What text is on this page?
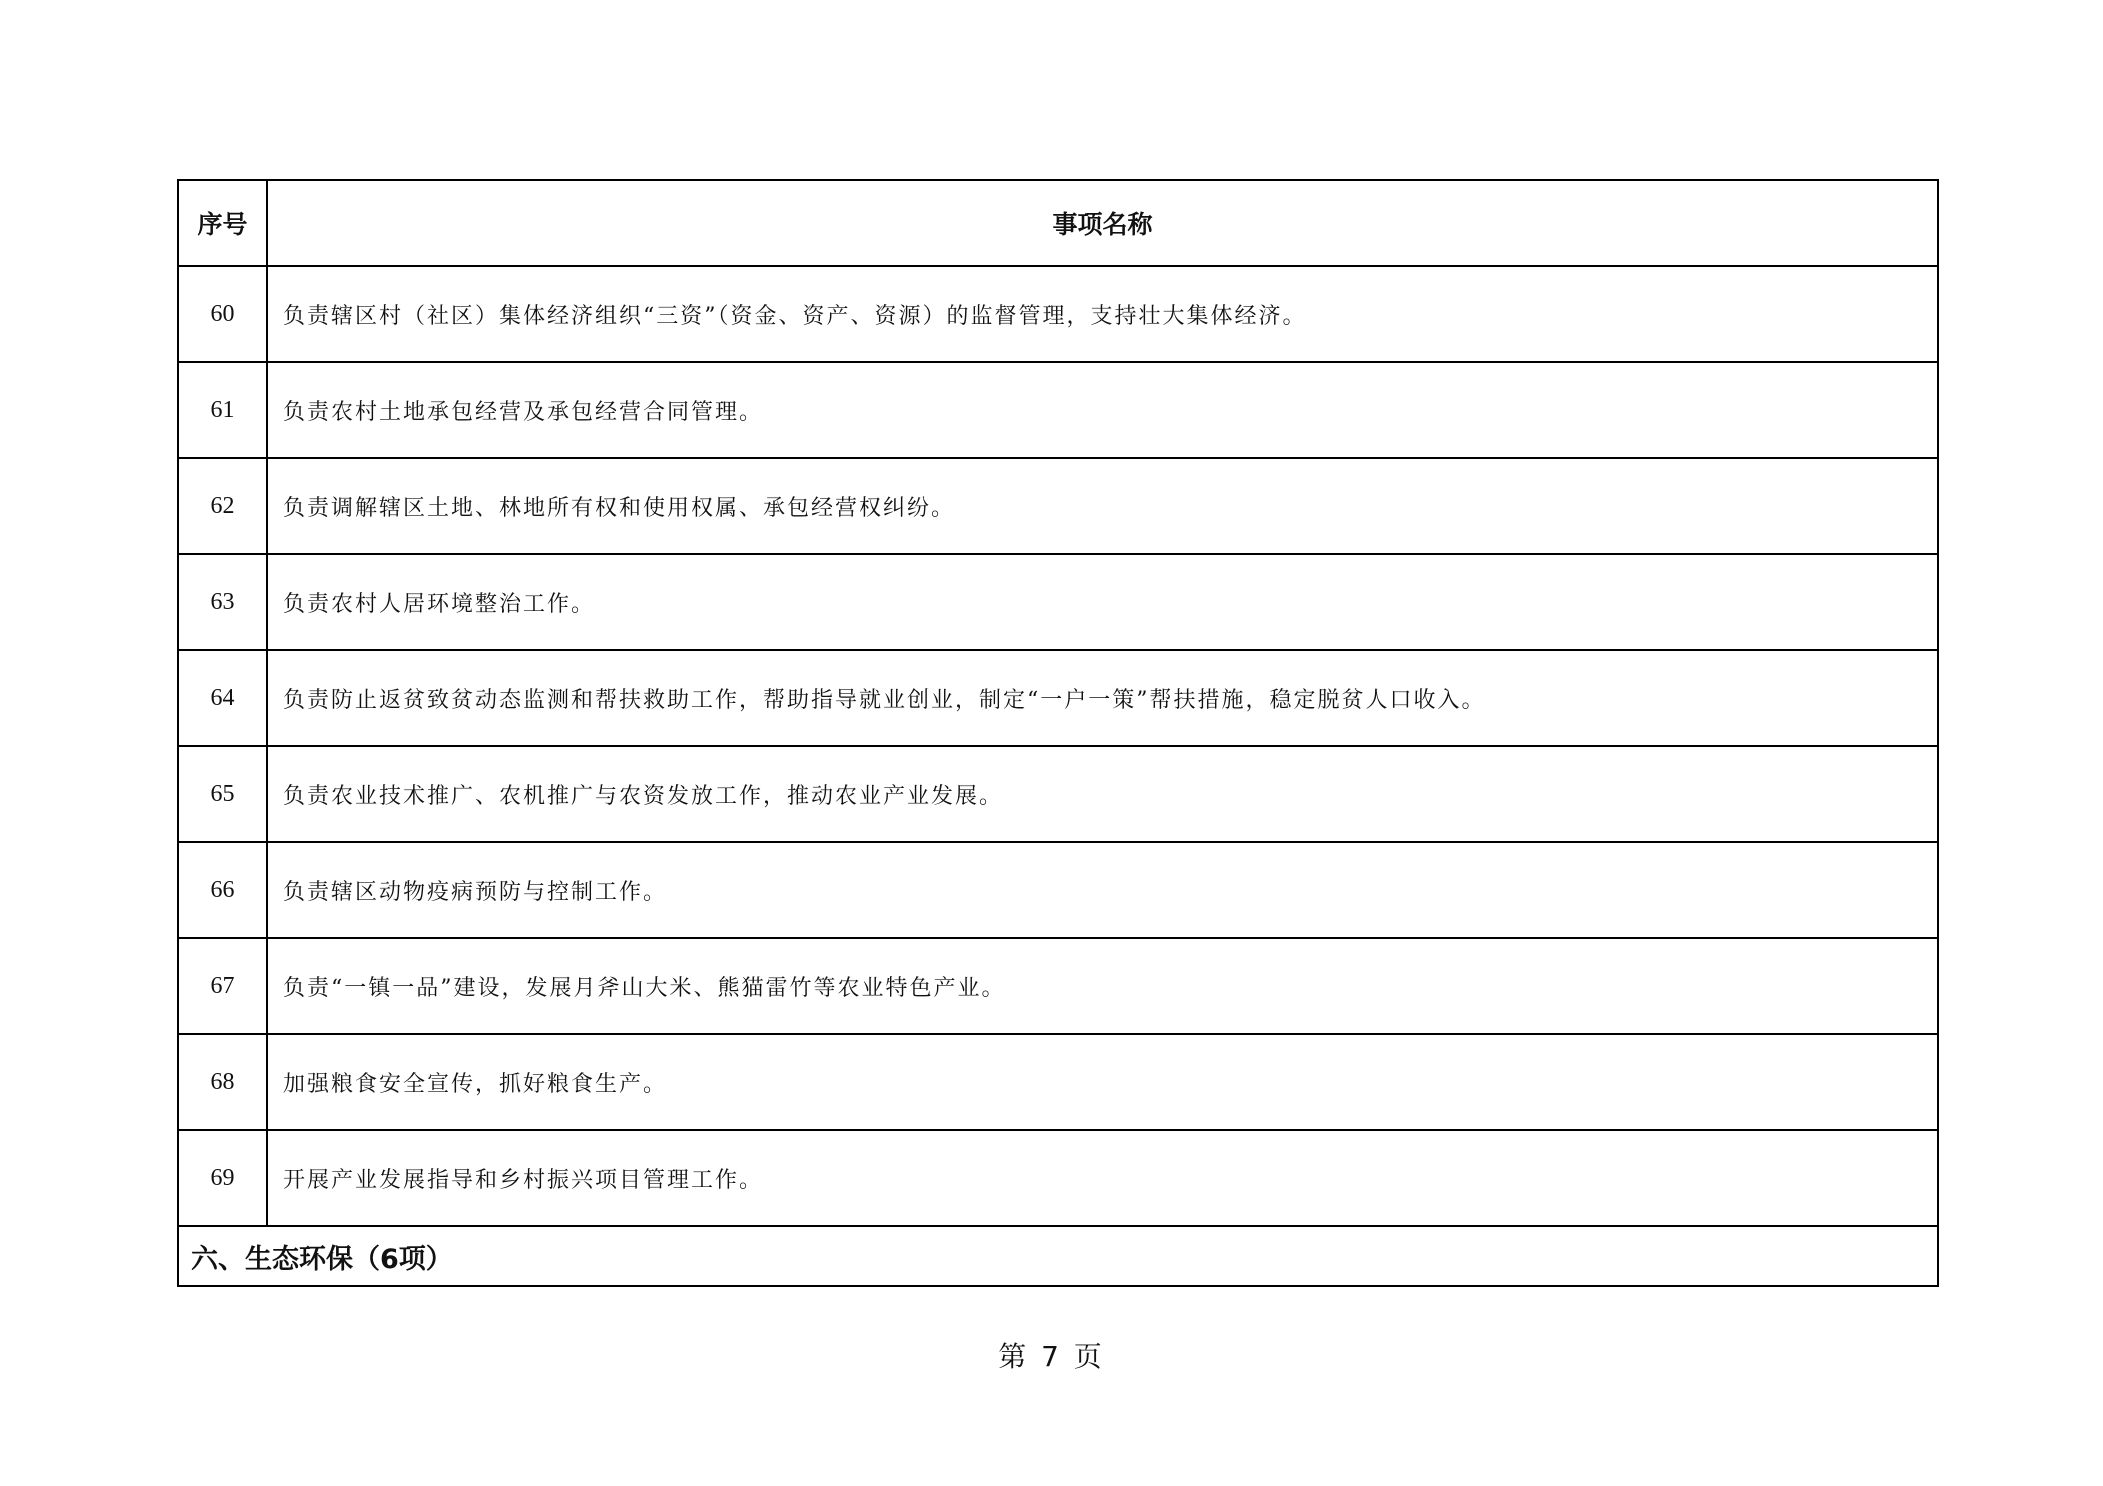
序号	事项名称
60	负责辖区村（社区）集体经济组织“三资”（资金、资产、资源）的监督管理，支持壮大集体经济。
61	负责农村土地承包经营及承包经营合同管理。
62	负责调解辖区土地、林地所有权和使用权属、承包经营权纠纷。
63	负责农村人居环境整治工作。
64	负责防止返贫致贫动态监测和帮扶救助工作，帮助指导就业创业，制定“一户一策”帮扶措施，稳定脱贫人口收入。
65	负责农业技术推广、农机推广与农资发放工作，推动农业产业发展。
66	负责辖区动物疫病预防与控制工作。
67	负责“一镇一品”建设，发展月斧山大米、熊猫雷竹等农业特色产业。
68	加强粮食安全宣传，抓好粮食生产。
69	开展产业发展指导和乡村振兴项目管理工作。
六、生态环保（6项）	
第 7 页
